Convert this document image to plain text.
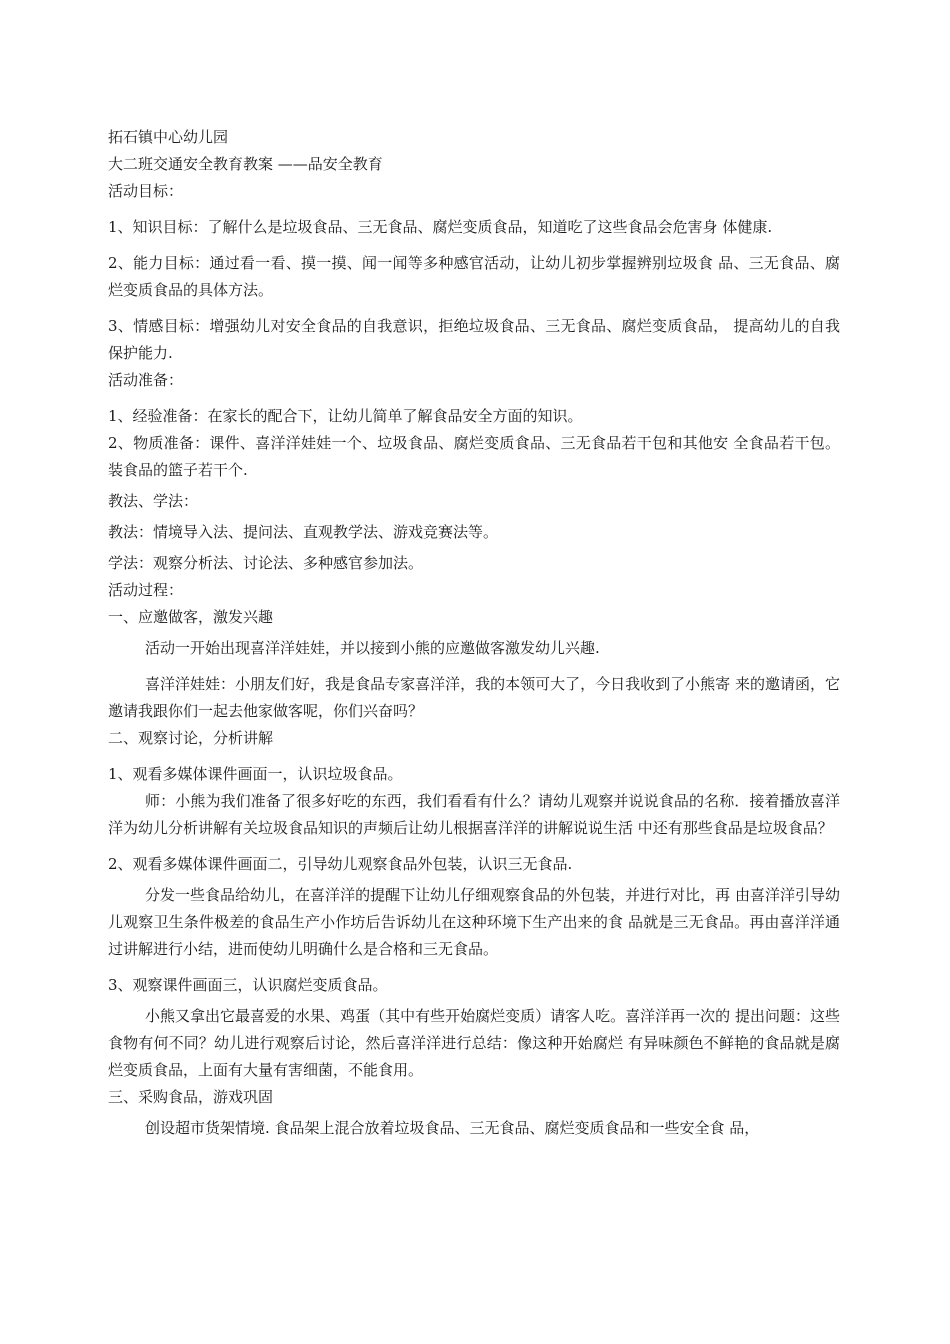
拓石镇中心幼儿园

大二班交通安全教育教案 ——品安全教育

活动目标：

1、知识目标：了解什么是垃圾食品、三无食品、腐烂变质食品，知道吃了这些食品会危害身 体健康.

2、能力目标：通过看一看、摸一摸、闻一闻等多种感官活动，让幼儿初步掌握辨别垃圾食 品、三无食品、腐烂变质食品的具体方法。

3、情感目标：增强幼儿对安全食品的自我意识，拒绝垃圾食品、三无食品、腐烂变质食品， 提高幼儿的自我保护能力.

活动准备：

1、经验准备：在家长的配合下，让幼儿简单了解食品安全方面的知识。

2、物质准备：课件、喜洋洋娃娃一个、垃圾食品、腐烂变质食品、三无食品若干包和其他安 全食品若干包。装食品的篮子若干个.

教法、学法：

教法：情境导入法、提问法、直观教学法、游戏竞赛法等。

学法：观察分析法、讨论法、多种感官参加法。

活动过程：

一、应邀做客，激发兴趣

活动一开始出现喜洋洋娃娃，并以接到小熊的应邀做客激发幼儿兴趣.

喜洋洋娃娃：小朋友们好，我是食品专家喜洋洋，我的本领可大了，今日我收到了小熊寄 来的邀请函，它邀请我跟你们一起去他家做客呢，你们兴奋吗？

二、观察讨论，分析讲解

1、观看多媒体课件画面一，认识垃圾食品。

师：小熊为我们准备了很多好吃的东西，我们看看有什么？请幼儿观察并说说食品的名称．接着播放喜洋洋为幼儿分析讲解有关垃圾食品知识的声频后让幼儿根据喜洋洋的讲解说说生活 中还有那些食品是垃圾食品？

2、观看多媒体课件画面二，引导幼儿观察食品外包装，认识三无食品.

分发一些食品给幼儿，在喜洋洋的提醒下让幼儿仔细观察食品的外包装，并进行对比，再 由喜洋洋引导幼儿观察卫生条件极差的食品生产小作坊后告诉幼儿在这种环境下生产出来的食 品就是三无食品。再由喜洋洋通过讲解进行小结，进而使幼儿明确什么是合格和三无食品。

3、观察课件画面三，认识腐烂变质食品。

小熊又拿出它最喜爱的水果、鸡蛋（其中有些开始腐烂变质）请客人吃。喜洋洋再一次的 提出问题：这些食物有何不同？幼儿进行观察后讨论，然后喜洋洋进行总结：像这种开始腐烂 有异味颜色不鲜艳的食品就是腐烂变质食品，上面有大量有害细菌，不能食用。

三、采购食品，游戏巩固

创设超市货架情境. 食品架上混合放着垃圾食品、三无食品、腐烂变质食品和一些安全食 品，
